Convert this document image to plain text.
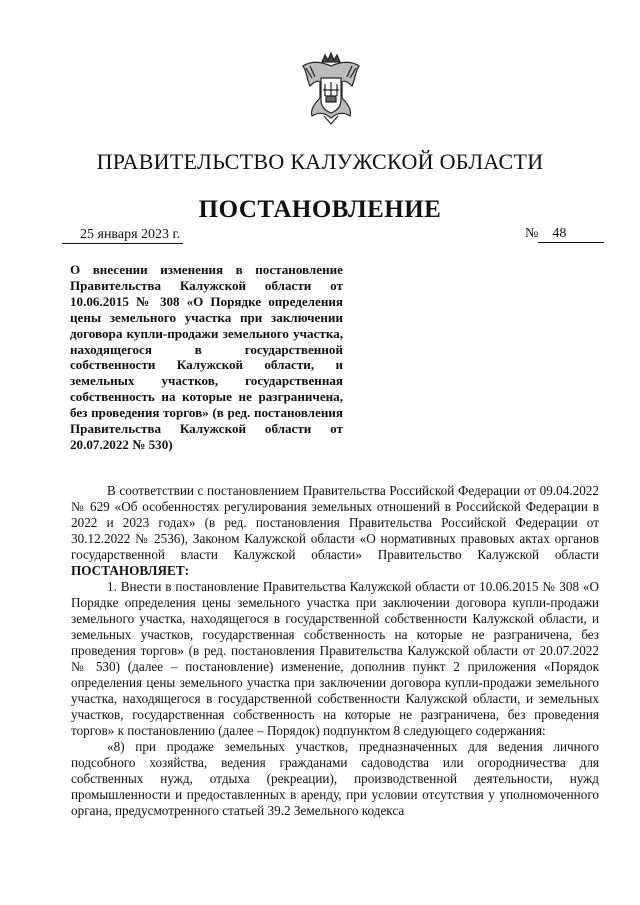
ПРАВИТЕЛЬСТВО КАЛУЖСКОЙ ОБЛАСТИ
ПОСТАНОВЛЕНИЕ
25 января 2023 г.	№ 48
О внесении изменения в постановление Правительства Калужской области от 10.06.2015 № 308 «О Порядке определения цены земельного участка при заключении договора купли-продажи земельного участка, находящегося в государственной собственности Калужской области, и земельных участков, государственная собственность на которые не разграничена, без проведения торгов» (в ред. постановления Правительства Калужской области от 20.07.2022 № 530)

В соответствии с постановлением Правительства Российской Федерации от 09.04.2022 № 629 «Об особенностях регулирования земельных отношений в Российской Федерации в 2022 и 2023 годах» (в ред. постановления Правительства Российской Федерации от 30.12.2022 № 2536), Законом Калужской области «О нормативных правовых актах органов государственной власти Калужской области» Правительство Калужской области ПОСТАНОВЛЯЕТ:

1. Внести в постановление Правительства Калужской области от 10.06.2015 № 308 «О Порядке определения цены земельного участка при заключении договора купли-продажи земельного участка, находящегося в государственной собственности Калужской области, и земельных участков, государственная собственность на которые не разграничена, без проведения торгов» (в ред. постановления Правительства Калужской области от 20.07.2022 № 530) (далее – постановление) изменение, дополнив пункт 2 приложения «Порядок определения цены земельного участка при заключении договора купли-продажи земельного участка, находящегося в государственной собственности Калужской области, и земельных участков, государственная собственность на которые не разграничена, без проведения торгов» к постановлению (далее – Порядок) подпунктом 8 следующего содержания:

«8) при продаже земельных участков, предназначенных для ведения личного подсобного хозяйства, ведения гражданами садоводства или огородничества для собственных нужд, отдыха (рекреации), производственной деятельности, нужд промышленности и предоставленных в аренду, при условии отсутствия у уполномоченного органа, предусмотренного статьей 39.2 Земельного кодекса
